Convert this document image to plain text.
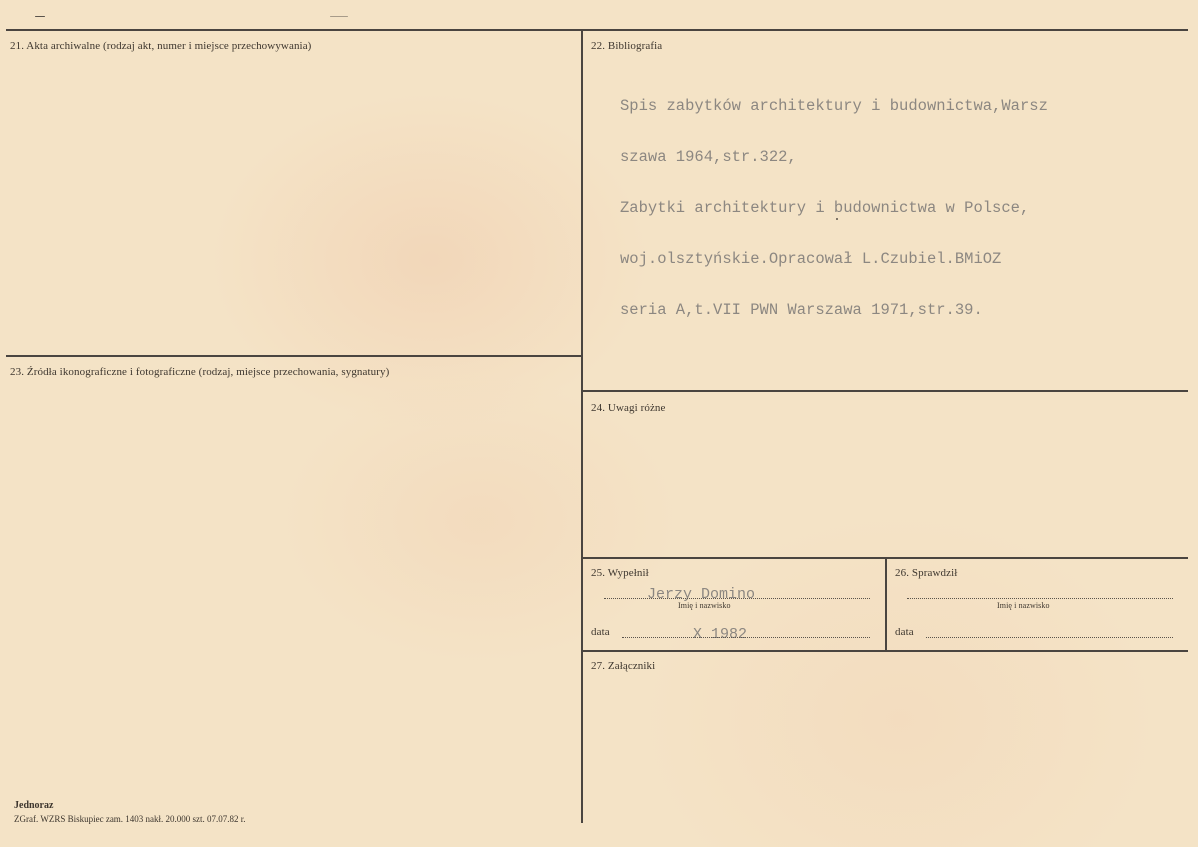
21. Akta archiwalne (rodzaj akt, numer i miejsce przechowywania)	22. Bibliografia

Spis zabytków architektury i budownictwa,Warsz

szawa 1964,str.322,

Zabytki architektury i budownictwa w Polsce,

woj.olsztyńskie.Opracował L.Czubiel.BMiOZ

seria A,t.VII PWN Warszawa 1971,str.39.

23. Źródła ikonograficzne i fotograficzne (rodzaj, miejsce przechowania, sygnatury)
24. Uwagi różne
25. Wypełnił
Jerzy Domino
Imię i nazwisko
data	X 1982
26. Sprawdził
Imię i nazwisko
data
27. Załączniki
Jednoraz
ZGraf. WZRS Biskupiec zam. 1403 nakł. 20.000 szt. 07.07.82 r.
